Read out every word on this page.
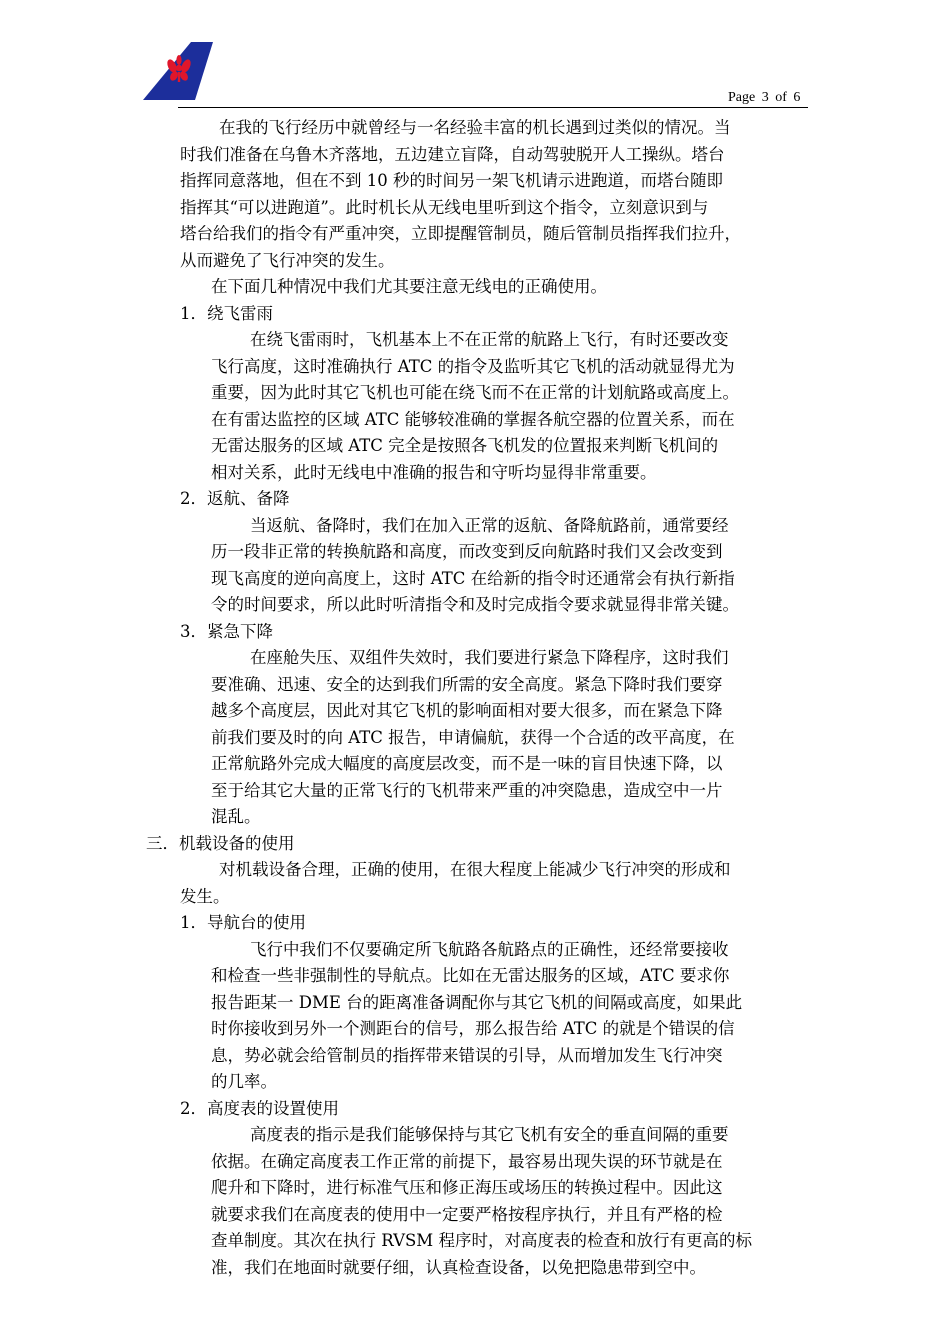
Page 3 of 6
在我的飞行经历中就曾经与一名经验丰富的机长遇到过类似的情况。当
时我们准备在乌鲁木齐落地，五边建立盲降，自动驾驶脱开人工操纵。塔台
指挥同意落地，但在不到 10 秒的时间另一架飞机请示进跑道，而塔台随即
指挥其“可以进跑道”。此时机长从无线电里听到这个指令，立刻意识到与
塔台给我们的指令有严重冲突，立即提醒管制员，随后管制员指挥我们拉升，
从而避免了飞行冲突的发生。
在下面几种情况中我们尤其要注意无线电的正确使用。
1．绕飞雷雨
在绕飞雷雨时，飞机基本上不在正常的航路上飞行，有时还要改变
飞行高度，这时准确执行 ATC 的指令及监听其它飞机的活动就显得尤为
重要，因为此时其它飞机也可能在绕飞而不在正常的计划航路或高度上。
在有雷达监控的区域 ATC 能够较准确的掌握各航空器的位置关系，而在
无雷达服务的区域 ATC 完全是按照各飞机发的位置报来判断飞机间的
相对关系，此时无线电中准确的报告和守听均显得非常重要。
2．返航、备降
当返航、备降时，我们在加入正常的返航、备降航路前，通常要经
历一段非正常的转换航路和高度，而改变到反向航路时我们又会改变到
现飞高度的逆向高度上，这时 ATC 在给新的指令时还通常会有执行新指
令的时间要求，所以此时听清指令和及时完成指令要求就显得非常关键。
3．紧急下降
在座舱失压、双组件失效时，我们要进行紧急下降程序，这时我们
要准确、迅速、安全的达到我们所需的安全高度。紧急下降时我们要穿
越多个高度层，因此对其它飞机的影响面相对要大很多，而在紧急下降
前我们要及时的向 ATC 报告，申请偏航，获得一个合适的改平高度，在
正常航路外完成大幅度的高度层改变，而不是一味的盲目快速下降，以
至于给其它大量的正常飞行的飞机带来严重的冲突隐患，造成空中一片
混乱。
三．机载设备的使用
对机载设备合理，正确的使用，在很大程度上能减少飞行冲突的形成和
发生。
1．导航台的使用
飞行中我们不仅要确定所飞航路各航路点的正确性，还经常要接收
和检查一些非强制性的导航点。比如在无雷达服务的区域，ATC 要求你
报告距某一 DME 台的距离准备调配你与其它飞机的间隔或高度，如果此
时你接收到另外一个测距台的信号，那么报告给 ATC 的就是个错误的信
息，势必就会给管制员的指挥带来错误的引导，从而增加发生飞行冲突
的几率。
2．高度表的设置使用
高度表的指示是我们能够保持与其它飞机有安全的垂直间隔的重要
依据。在确定高度表工作正常的前提下，最容易出现失误的环节就是在
爬升和下降时，进行标准气压和修正海压或场压的转换过程中。因此这
就要求我们在高度表的使用中一定要严格按程序执行，并且有严格的检
查单制度。其次在执行 RVSM 程序时，对高度表的检查和放行有更高的标
准，我们在地面时就要仔细，认真检查设备，以免把隐患带到空中。
